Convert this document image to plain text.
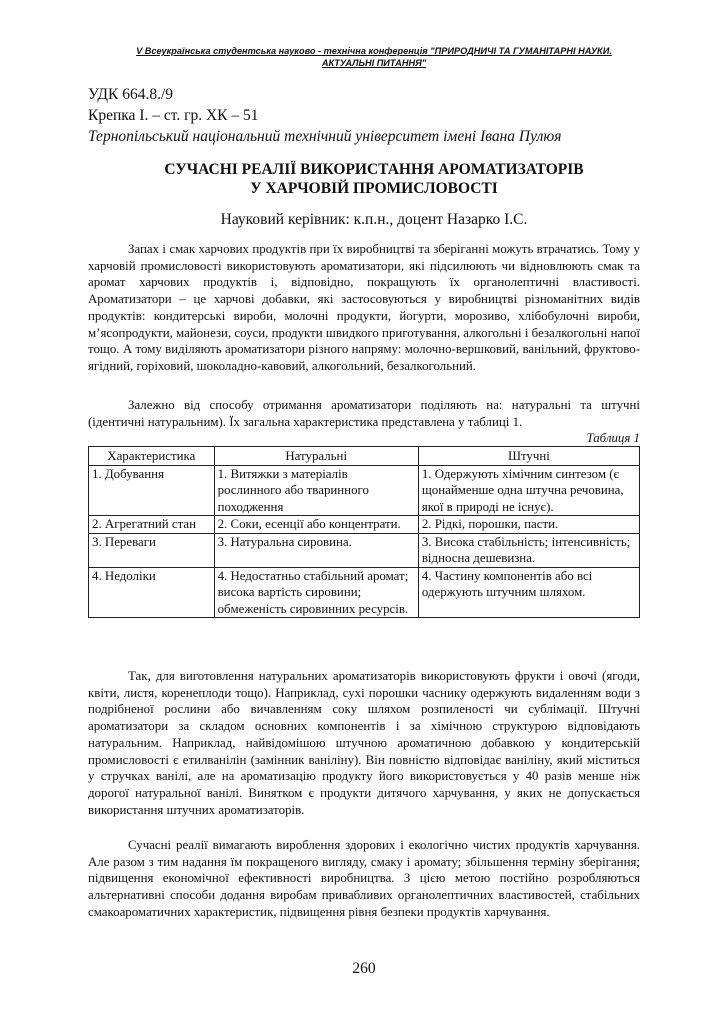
V Всеукраїнська студентська науково - технічна конференція "ПРИРОДНИЧІ ТА ГУМАНІТАРНІ НАУКИ.
АКТУАЛЬНІ ПИТАННЯ"
УДК 664.8./9
Крепка І. – ст. гр. ХК – 51
Тернопільський національний технічний університет імені Івана Пулюя
СУЧАСНІ РЕАЛІЇ ВИКОРИСТАННЯ АРОМАТИЗАТОРІВ
У ХАРЧОВІЙ ПРОМИСЛОВОСТІ
Науковий керівник: к.п.н., доцент Назарко І.С.

Запах і смак харчових продуктів при їх виробництві та зберіганні можуть втрачатись. Тому у харчовій промисловості використовують ароматизатори, які підсилюють чи відновлюють смак та аромат харчових продуктів і, відповідно, покращують їх органолептичні властивості. Ароматизатори – це харчові добавки, які застосовуються у виробництві різноманітних видів продуктів: кондитерські вироби, молочні продукти, йогурти, морозиво, хлібобулочні вироби, м’ясопродукти, майонези, соуси, продукти швидкого приготування, алкогольні і безалкогольні напої тощо. А тому виділяють ароматизатори різного напряму: молочно-вершковий, ванільний, фруктово-ягідний, горіховий, шоколадно-кавовий, алкогольний, безалкогольний.

Залежно від способу отримання ароматизатори поділяють на: натуральні та штучні (ідентичні натуральним). Їх загальна характеристика представлена у таблиці 1.

Таблиця 1
Характеристика	Натуральні	Штучні
1. Добування	1. Витяжки з матеріалів рослинного або тваринного походження	1. Одержують хімічним синтезом (є щонайменше одна штучна речовина, якої в природі не існує).
2. Агрегатний стан	2. Соки, есенції або концентрати.	2. Рідкі, порошки, пасти.
3. Переваги	3. Натуральна сировина.	3. Висока стабільність; інтенсивність; відносна дешевизна.
4. Недоліки	4. Недостатньо стабільний аромат; висока вартість сировини; обмеженість сировинних ресурсів.	4. Частину компонентів або всі одержують штучним шляхом.

Так, для виготовлення натуральних ароматизаторів використовують фрукти і овочі (ягоди, квіти, листя, коренеплоди тощо). Наприклад, сухі порошки часнику одержують видаленням води з подрібненої рослини або вичавленням соку шляхом розпиленості чи сублімації. Штучні ароматизатори за складом основних компонентів і за хімічною структурою відповідають натуральним. Наприклад, найвідомішою штучною ароматичною добавкою у кондитерській промисловості є етилванілін (замінник ваніліну). Він повністю відповідає ваніліну, який міститься у стручках ванілі, але на ароматизацію продукту його використовується у 40 разів менше ніж дорогої натуральної ванілі. Винятком є продукти дитячого харчування, у яких не допускається використання штучних ароматизаторів.

Сучасні реалії вимагають вироблення здорових і екологічно чистих продуктів харчування. Але разом з тим надання їм покращеного вигляду, смаку і аромату; збільшення терміну зберігання; підвищення економічної ефективності виробництва. З цією метою постійно розробляються альтернативні способи додання виробам привабливих органолептичних властивостей, стабільних смакоароматичних характеристик, підвищення рівня безпеки продуктів харчування.

260
